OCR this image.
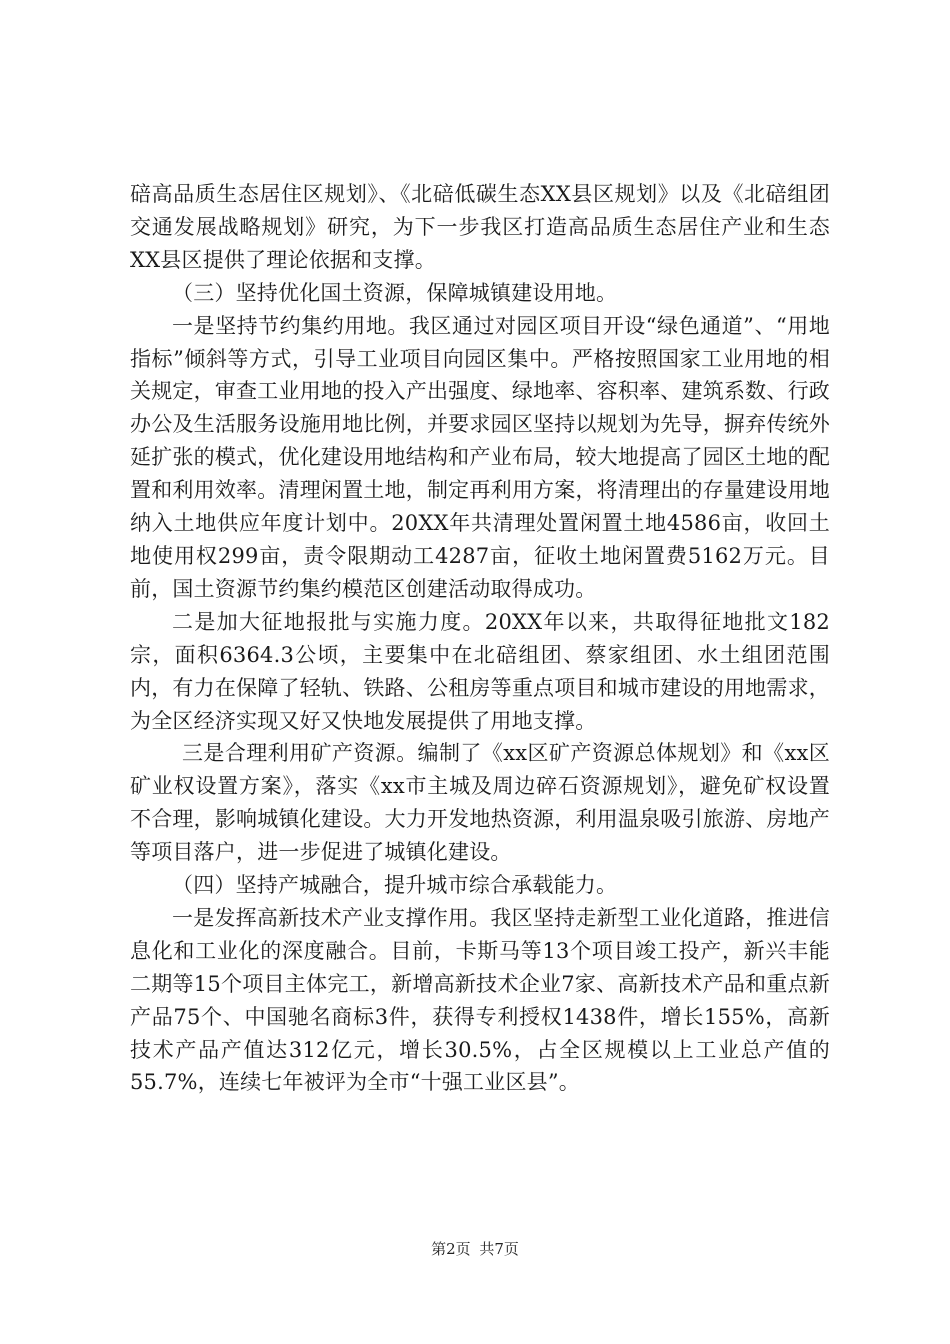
碚高品质生态居住区规划》、《北碚低碳生态XX县区规划》以及《北碚组团交通发展战略规划》研究，为下一步我区打造高品质生态居住产业和生态XX县区提供了理论依据和支撑。

（三）坚持优化国土资源，保障城镇建设用地。

一是坚持节约集约用地。我区通过对园区项目开设“绿色通道”、“用地指标”倾斜等方式，引导工业项目向园区集中。严格按照国家工业用地的相关规定，审查工业用地的投入产出强度、绿地率、容积率、建筑系数、行政办公及生活服务设施用地比例，并要求园区坚持以规划为先导，摒弃传统外延扩张的模式，优化建设用地结构和产业布局，较大地提高了园区土地的配置和利用效率。清理闲置土地，制定再利用方案，将清理出的存量建设用地纳入土地供应年度计划中。20XX年共清理处置闲置土地4586亩，收回土地使用权299亩，责令限期动工4287亩，征收土地闲置费5162万元。目前，国土资源节约集约模范区创建活动取得成功。

二是加大征地报批与实施力度。20XX年以来，共取得征地批文182宗，面积6364.3公顷，主要集中在北碚组团、蔡家组团、水土组团范围内，有力在保障了轻轨、铁路、公租房等重点项目和城市建设的用地需求，为全区经济实现又好又快地发展提供了用地支撑。

三是合理利用矿产资源。编制了《xx区矿产资源总体规划》和《xx区矿业权设置方案》，落实《xx市主城及周边碎石资源规划》，避免矿权设置不合理，影响城镇化建设。大力开发地热资源，利用温泉吸引旅游、房地产等项目落户，进一步促进了城镇化建设。

（四）坚持产城融合，提升城市综合承载能力。

一是发挥高新技术产业支撑作用。我区坚持走新型工业化道路，推进信息化和工业化的深度融合。目前，卡斯马等13个项目竣工投产，新兴丰能二期等15个项目主体完工，新增高新技术企业7家、高新技术产品和重点新产品75个、中国驰名商标3件，获得专利授权1438件，增长155%，高新技术产品产值达312亿元，增长30.5%，占全区规模以上工业总产值的55.7%，连续七年被评为全市“十强工业区县”。

第2页 共7页
